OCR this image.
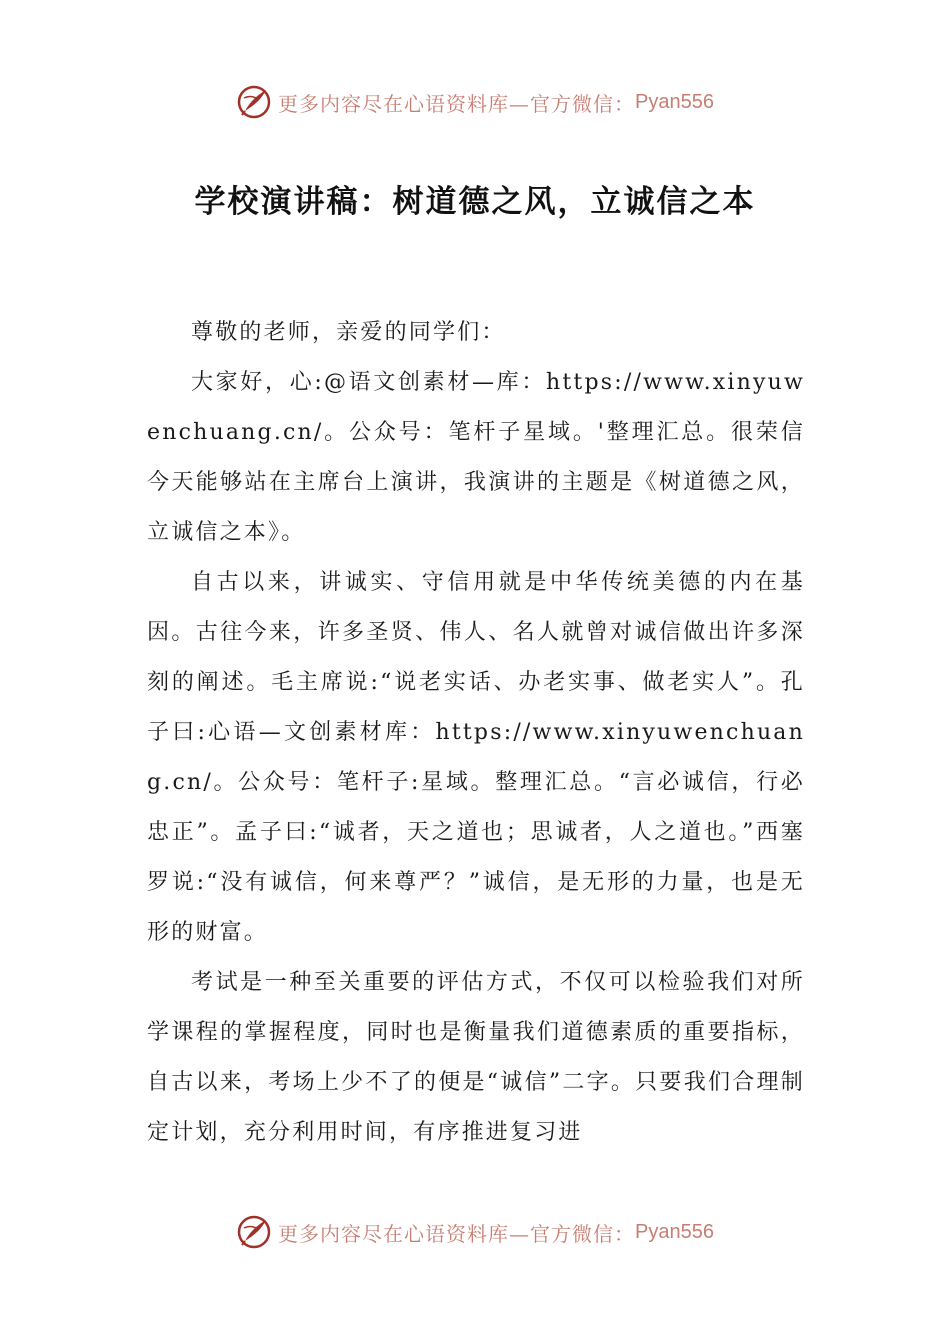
更多内容尽在心语资料库—官方微信： Pyan556
学校演讲稿：树道德之风，立诚信之本

尊敬的老师，亲爱的同学们：

大家好，心:@语文创素材—库：https://www.xinyuwenchuang.cn/。公众号：笔杆子星域。'整理汇总。很荣信今天能够站在主席台上演讲，我演讲的主题是《树道德之风，立诚信之本》。

自古以来，讲诚实、守信用就是中华传统美德的内在基因。古往今来，许多圣贤、伟人、名人就曾对诚信做出许多深刻的阐述。毛主席说:“说老实话、办老实事、做老实人”。孔子曰:心语—文创素材库：https://www.xinyuwenchuang.cn/。公众号：笔杆子:星域。整理汇总。“言必诚信，行必忠正”。孟子曰:“诚者，天之道也；思诚者，人之道也。”西塞罗说:“没有诚信，何来尊严？”诚信，是无形的力量，也是无形的财富。

考试是一种至关重要的评估方式，不仅可以检验我们对所学课程的掌握程度，同时也是衡量我们道德素质的重要指标，自古以来，考场上少不了的便是“诚信”二字。只要我们合理制定计划，充分利用时间，有序推进复习进

更多内容尽在心语资料库—官方微信： Pyan556
